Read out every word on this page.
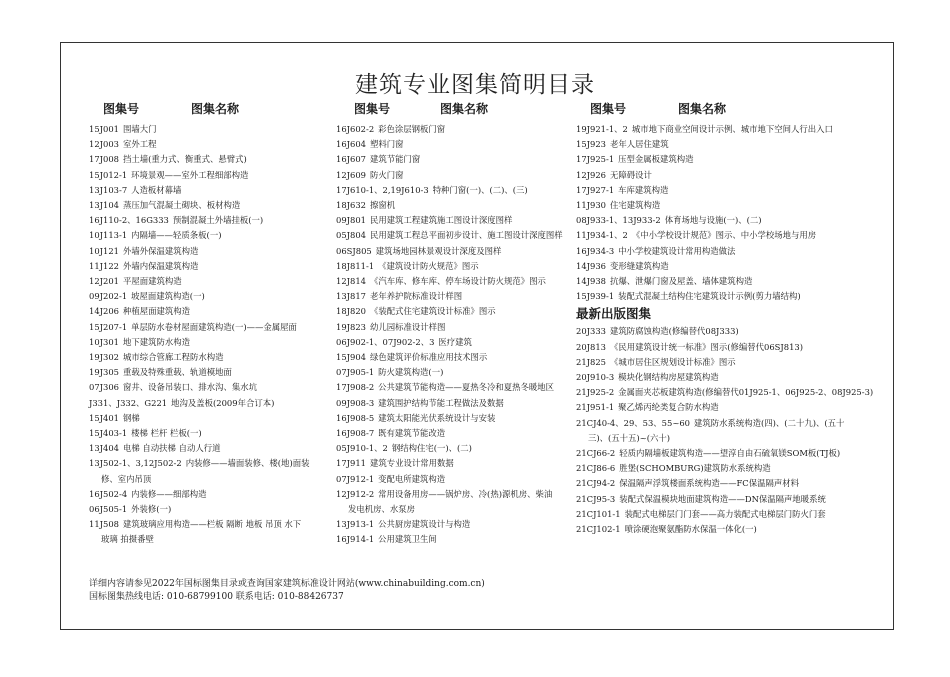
建筑专业图集简明目录
图集号	图集名称
15J001 围墙大门
12J003 室外工程
17J008 挡土墙(重力式、衡重式、悬臂式)
15J012-1 环境景观——室外工程细部构造
13J103-7 人造板材幕墙
13J104 蒸压加气混凝土砌块、板材构造
16J110-2、16G333 预制混凝土外墙挂板(一)
10J113-1 内隔墙——轻质条板(一)
10J121 外墙外保温建筑构造
11J122 外墙内保温建筑构造
12J201 平屋面建筑构造
09J202-1 坡屋面建筑构造(一)
14J206 种植屋面建筑构造
15J207-1 单层防水卷材屋面建筑构造(一)——金属屋面
10J301 地下建筑防水构造
19J302 城市综合管廊工程防水构造
19J305 重载及特殊重载、轨道模地面
07J306 窗井、设备吊装口、排水沟、集水坑
J331、J332、G221 地沟及盖板(2009年合订本)
15J401 钢梯
15J403-1 楼梯 栏杆 栏板(一)
13J404 电梯 自动扶梯 自动人行道
13J502-1、3,12J502-2 内装修——墙面装修、楼(地)面装
修、室内吊顶
16J502-4 内装修——细部构造
06J505-1 外装修(一)
11J508 建筑玻璃应用构造——栏板 隔断 地板 吊顶 水下
玻璃 拍摄番壁
图集号	图集名称
16J602-2 彩色涂层钢板门窗
16J604 塑料门窗
16J607 建筑节能门窗
12J609 防火门窗
17J610-1、2,19J610-3 特种门窗(一)、(二)、(三)
18J632 擦窗机
09J801 民用建筑工程建筑施工图设计深度图样
05J804 民用建筑工程总平面初步设计、施工图设计深度图样
06SJ805 建筑场地园林景观设计深度及图样
18J811-1 《建筑设计防火规范》图示
12J814 《汽车库、修车库、停车场设计防火规范》图示
13J817 老年养护院标准设计样图
18J820 《装配式住宅建筑设计标准》图示
19J823 幼儿园标准设计样图
06J902-1、07J902-2、3 医疗建筑
15J904 绿色建筑评价标准应用技术图示
07J905-1 防火建筑构造(一)
17J908-2 公共建筑节能构造——夏热冬冷和夏热冬暖地区
09J908-3 建筑围护结构节能工程做法及数据
16J908-5 建筑太阳能光伏系统设计与安装
16J908-7 既有建筑节能改造
05J910-1、2 钢结构住宅(一)、(二)
17J911 建筑专业设计常用数据
07J912-1 变配电所建筑构造
12J912-2 常用设备用房——锅炉房、冷(热)源机房、柴油
发电机房、水泵房
13J913-1 公共厨房建筑设计与构造
16J914-1 公用建筑卫生间
图集号	图集名称
19J921-1、2 城市地下商业空间设计示例、城市地下空间人行出入口
15J923 老年人居住建筑
17J925-1 压型金属板建筑构造
12J926 无障碍设计
17J927-1 车库建筑构造
11J930 住宅建筑构造
08J933-1、13J933-2 体育场地与设施(一)、(二)
11J934-1、2 《中小学校设计规范》图示、中小学校场地与用房
16J934-3 中小学校建筑设计常用构造做法
14J936 变形缝建筑构造
14J938 抗爆、泄爆门窗及屋盖、墙体建筑构造
15J939-1 装配式混凝土结构住宅建筑设计示例(剪力墙结构)
最新出版图集
20J333 建筑防腐蚀构造(修编替代08J333)
20J813 《民用建筑设计统一标准》图示(修编替代06SJ813)
21J825 《城市居住区规划设计标准》图示
20J910-3 模块化钢结构房屋建筑构造
21J925-2 金属面夹芯板建筑构造(修编替代01J925-1、06J925-2、08J925-3)
21J951-1 聚乙烯丙纶类复合防水构造
21CJ40-4、29、53、55~60 建筑防水系统构造(四)、(二十九)、(五十
三)、(五十五)~(六十)
21CJ66-2 轻质内隔墙板建筑构造——望淳自由石硫氧镁SOM板(TJ板)
21CJ86-6 胜堡(SCHOMBURG)建筑防水系统构造
21CJ94-2 保温隔声浮筑楼面系统构造——FC保温隔声材料
21CJ95-3 装配式保温模块地面建筑构造——DN保温隔声地暖系统
21CJ101-1 装配式电梯层门门套——高力装配式电梯层门防火门套
21CJ102-1 喷涂硬泡聚氨酯防水保温一体化(一)
详细内容请参见2022年国标图集目录或查询国家建筑标准设计网站(www.chinabuilding.com.cn)
国标图集热线电话: 010-68799100 联系电话: 010-88426737
